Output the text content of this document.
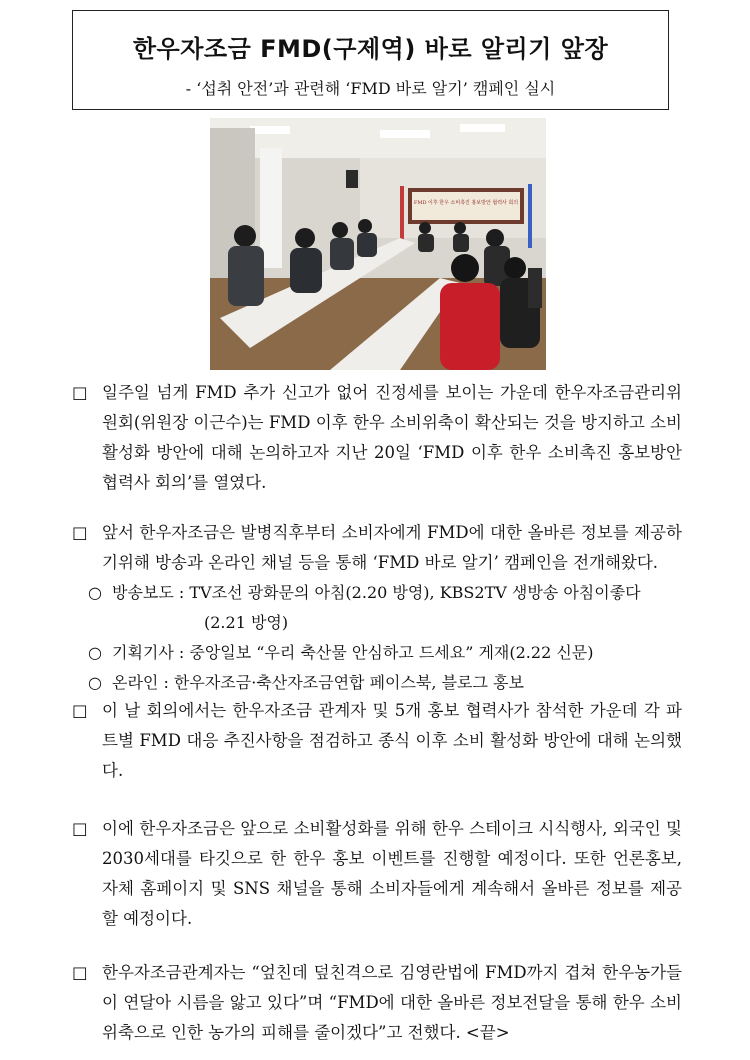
한우자조금 FMD(구제역) 바로 알리기 앞장
- ‘섭취 안전’과 관련해 ‘FMD 바로 알기’ 캠페인 실시
FMD 이후 한우 소비촉진 홍보방안 협력사 회의
□ 일주일 넘게 FMD 추가 신고가 없어 진정세를 보이는 가운데 한우자조금관리위원회(위원장 이근수)는 FMD 이후 한우 소비위축이 확산되는 것을 방지하고 소비활성화 방안에 대해 논의하고자 지난 20일 ‘FMD 이후 한우 소비촉진 홍보방안 협력사 회의’를 열였다.
□ 앞서 한우자조금은 발병직후부터 소비자에게 FMD에 대한 올바른 정보를 제공하기위해 방송과 온라인 채널 등을 통해 ‘FMD 바로 알기’ 캠페인을 전개해왔다.
○ 방송보도 : TV조선 광화문의 아침(2.20 방영), KBS2TV 생방송 아침이좋다
(2.21 방영)
○ 기획기사 : 중앙일보 “우리 축산물 안심하고 드세요” 게재(2.22 신문)
○ 온라인 : 한우자조금·축산자조금연합 페이스북, 블로그 홍보
□ 이 날 회의에서는 한우자조금 관계자 및 5개 홍보 협력사가 참석한 가운데 각 파트별 FMD 대응 추진사항을 점검하고 종식 이후 소비 활성화 방안에 대해 논의했다.
□ 이에 한우자조금은 앞으로 소비활성화를 위해 한우 스테이크 시식행사, 외국인 및 2030세대를 타깃으로 한 한우 홍보 이벤트를 진행할 예정이다. 또한 언론홍보, 자체 홈페이지 및 SNS 채널을 통해 소비자들에게 계속해서 올바른 정보를 제공 할 예정이다.
□ 한우자조금관계자는 “엎친데 덮친격으로 김영란법에 FMD까지 겹쳐 한우농가들이 연달아 시름을 앓고 있다”며 “FMD에 대한 올바른 정보전달을 통해 한우 소비 위축으로 인한 농가의 피해를 줄이겠다”고 전했다. <끝>
